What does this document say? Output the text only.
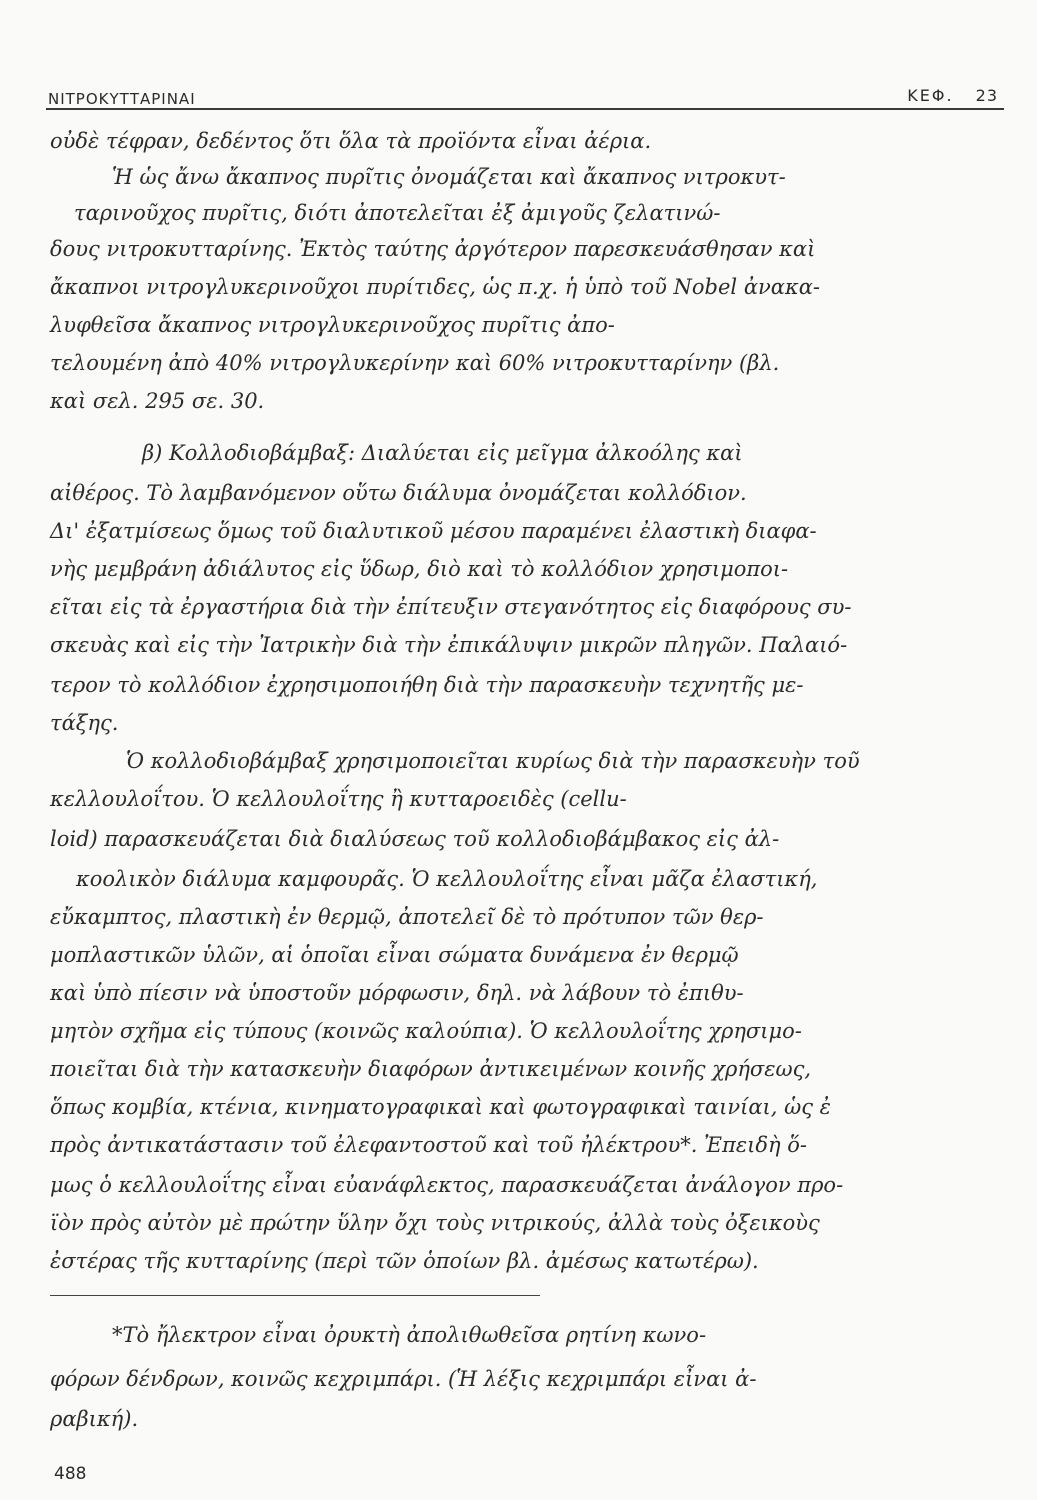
ΝΙΤΡΟΚΥΤΤΑΡΙΝΑΙ	ΚΕΦ. 23
οὐδὲ τέφραν, δεδέντος ὅτι ὅλα τὰ προϊόντα εἶναι ἀέρια.
Ἡ ὡς ἄνω ἄκαπνος πυρῖτις ὀνομάζεται καὶ ἄκαπνος νιτροκυτ-
ταρινοῦχος πυρῖτις, διότι ἀποτελεῖται ἐξ ἀμιγοῦς ζελατινώ-
δους νιτροκυτταρίνης. Ἐκτὸς ταύτης ἀργότερον παρεσκευάσθησαν καὶ
ἄκαπνοι νιτρογλυκερινοῦχοι πυρίτιδες, ὡς π.χ. ἡ ὑπὸ τοῦ Nobel ἀνακα-
λυφθεῖσα ἄκαπνος νιτρογλυκερινοῦχος πυρῖτις ἀπο-
τελουμένη ἀπὸ 40% νιτρογλυκερίνην καὶ 60% νιτροκυτταρίνην (βλ.
καὶ σελ. 295 σε. 30.
β) Κολλοδιοβάμβαξ: Διαλύεται εἰς μεῖγμα ἀλκοόλης καὶ
αἰθέρος. Τὸ λαμβανόμενον οὕτω διάλυμα ὀνομάζεται κολλόδιον.
Δι' ἐξατμίσεως ὅμως τοῦ διαλυτικοῦ μέσου παραμένει ἐλαστικὴ διαφα-
νὴς μεμβράνη ἀδιάλυτος εἰς ὕδωρ, διὸ καὶ τὸ κολλόδιον χρησιμοποι-
εῖται εἰς τὰ ἐργαστήρια διὰ τὴν ἐπίτευξιν στεγανότητος εἰς διαφόρους συ-
σκευὰς καὶ εἰς τὴν Ἰατρικὴν διὰ τὴν ἐπικάλυψιν μικρῶν πληγῶν. Παλαιό-
τερον τὸ κολλόδιον ἐχρησιμοποιήθη διὰ τὴν παρασκευὴν τεχνητῆς με-
τάξης.
Ὁ κολλοδιοβάμβαξ χρησιμοποιεῖται κυρίως διὰ τὴν παρασκευὴν τοῦ
κελλουλοΐτου. Ὁ κελλουλοΐτης ἢ κυτταροειδὲς (cellu-
loid) παρασκευάζεται διὰ διαλύσεως τοῦ κολλοδιοβάμβακος εἰς ἀλ-
κοολικὸν διάλυμα καμφουρᾶς. Ὁ κελλουλοΐτης εἶναι μᾶζα ἐλαστική,
εὔκαμπτος, πλαστικὴ ἐν θερμῷ, ἀποτελεῖ δὲ τὸ πρότυπον τῶν θερ-
μοπλαστικῶν ὑλῶν, αἱ ὁποῖαι εἶναι σώματα δυνάμενα ἐν θερμῷ
καὶ ὑπὸ πίεσιν νὰ ὑποστοῦν μόρφωσιν, δηλ. νὰ λάβουν τὸ ἐπιθυ-
μητὸν σχῆμα εἰς τύπους (κοινῶς καλούπια). Ὁ κελλουλοΐτης χρησιμο-
ποιεῖται διὰ τὴν κατασκευὴν διαφόρων ἀντικειμένων κοινῆς χρήσεως,
ὅπως κομβία, κτένια, κινηματογραφικαὶ καὶ φωτογραφικαὶ ταινίαι, ὡς ἐ
πρὸς ἀντικατάστασιν τοῦ ἐλεφαντοστοῦ καὶ τοῦ ἠλέκτρου*. Ἐπειδὴ ὅ-
μως ὁ κελλουλοΐτης εἶναι εὐανάφλεκτος, παρασκευάζεται ἀνάλογον προ-
ϊὸν πρὸς αὐτὸν μὲ πρώτην ὕλην ὄχι τοὺς νιτρικούς, ἀλλὰ τοὺς ὀξεικοὺς
ἐστέρας τῆς κυτταρίνης (περὶ τῶν ὁποίων βλ. ἀμέσως κατωτέρω).
*Τὸ ἤλεκτρον εἶναι ὀρυκτὴ ἀπολιθωθεῖσα ρητίνη κωνο-
φόρων δένδρων, κοινῶς κεχριμπάρι. (Ἡ λέξις κεχριμπάρι εἶναι ἀ-
ραβική).
488
